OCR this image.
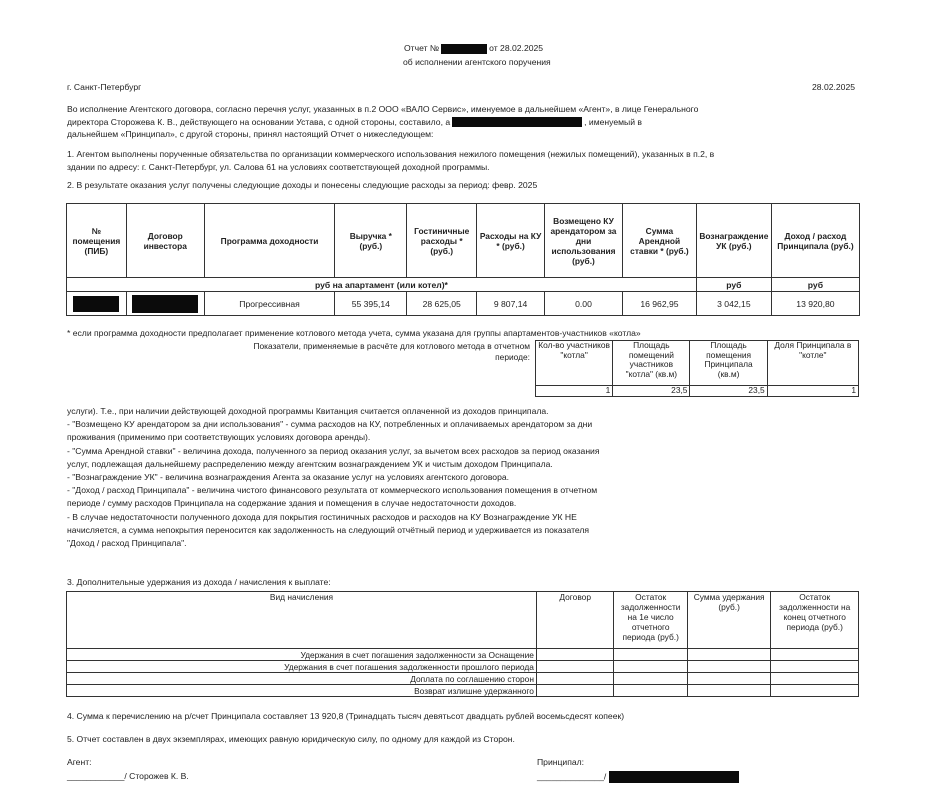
Отчет №	от 28.02.2025
об исполнении агентского поручения
г. Санкт-Петербург	28.02.2025
Во исполнение Агентского договора, согласно перечня услуг, указанных в п.2 ООО «ВАЛО Сервис», именуемое в дальнейшем «Агент», в лице Генерального
директора Сторожева К. В., действующего на основании Устава, с одной стороны, составило, а	, именуемый в
дальнейшем «Принципал», с другой стороны, принял настоящий Отчет о нижеследующем:
1. Агентом выполнены порученные обязательства по организации коммерческого использования нежилого помещения (нежилых помещений), указанных в п.2, в
здании по адресу: г. Санкт-Петербург, ул. Салова 61 на условиях соответствующей доходной программы.
2. В результате оказания услуг получены следующие доходы и понесены следующие расходы за период: февр. 2025
№ помещения (ПИБ)	Договор инвестора	Программа доходности	Выручка * (руб.)	Гостиничные расходы * (руб.)	Расходы на КУ * (руб.)	Возмещено КУ арендатором за дни использования (руб.)	Сумма Арендной ставки * (руб.)	Вознаграждение УК (руб.)	Доход / расход Принципала (руб.)
руб на апартамент (или котел)*								руб	руб
		Прогрессивная	55 395,14	28 625,05	9 807,14	0.00	16 962,95	3 042,15	13 920,80
* если программа доходности предполагает применение котлового метода учета, сумма указана для группы апартаментов-участников «котла»
Показатели, применяемые в расчёте для котлового метода в отчетном
периоде:
Кол-во участников "котла"	Площадь помещений участников "котла" (кв.м)	Площадь помещения Принципала (кв.м)	Доля Принципала в "котле"
1	23,5	23,5	1
услуги). Т.е., при наличии действующей доходной программы Квитанция считается оплаченной из доходов принципала.
- "Возмещено КУ арендатором за дни использования" - сумма расходов на КУ, потребленных и оплачиваемых арендатором за дни
проживания (применимо при соответствующих условиях договора аренды).
- "Сумма Арендной ставки" - величина дохода, полученного за период оказания услуг, за вычетом всех расходов за период оказания
услуг, подлежащая дальнейшему распределению между агентским вознаграждением УК и чистым доходом Принципала.
- "Вознаграждение УК" - величина вознаграждения Агента за оказание услуг на условиях агентского договора.
- "Доход / расход Принципала" - величина чистого финансового результата от коммерческого использования помещения в отчетном
периоде / сумму расходов Принципала на содержание здания и помещения в случае недостаточности доходов.
- В случае недостаточности полученного дохода для покрытия гостиничных расходов и расходов на КУ Вознаграждение УК НЕ
начисляется, а сумма непокрытия переносится как задолженность на следующий отчётный период и удерживается из показателя
"Доход / расход Принципала".
3. Дополнительные удержания из дохода / начисления к выплате:
Вид начисления	Договор	Остаток задолженности на 1е число отчетного периода (руб.)	Сумма удержания (руб.)	Остаток задолженности на конец отчетного периода (руб.)
Удержания в счет погашения задолженности за Оснащение				
Удержания в счет погашения задолженности прошлого периода				
Доплата по соглашению сторон				
Возврат излишне удержанного				
4. Сумма к перечислению на р/счет Принципала составляет 13 920,8 (Тринадцать тысяч девятьсот двадцать рублей восемьсдесят копеек)
5. Отчет составлен в двух экземплярах, имеющих равную юридическую силу, по одному для каждой из Сторон.
Агент:
____________/ Сторожев К. В.
Принципал:
______________/
